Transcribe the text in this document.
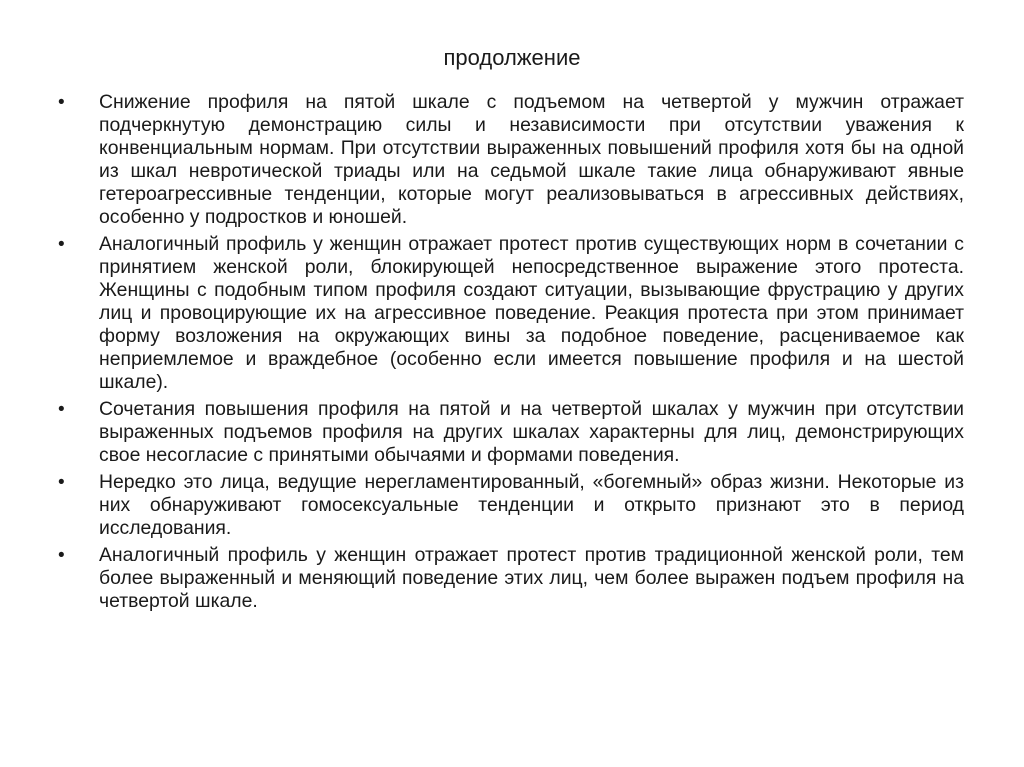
продолжение
•	Снижение профиля на пятой шкале с подъемом на четвертой у мужчин отражает подчеркнутую демонстрацию силы и независимости при отсутствии уважения к конвенциальным нормам. При отсутствии выраженных повышений профиля хотя бы на одной из шкал невротической триады или на седьмой шкале такие лица обнаруживают явные гетероагрессивные тенденции, которые могут реализовываться в агрессивных действиях, особенно у подростков и юношей.
•	Аналогичный профиль у женщин отражает протест против существующих норм в сочетании с принятием женской роли, блокирующей непосредственное выражение этого протеста. Женщины с подобным типом профиля создают ситуации, вызывающие фрустрацию у других лиц и провоцирующие их на агрессивное поведение. Реакция протеста при этом принимает форму возложения на окружающих вины за подобное поведение, расцениваемое как неприемлемое и враждебное (особенно если имеется повышение профиля и на шестой шкале).
•	Сочетания повышения профиля на пятой и на четвертой шкалах у мужчин при отсутствии выраженных подъемов профиля на других шкалах характерны для лиц, демонстрирующих свое несогласие с принятыми обычаями и формами поведения.
•	Нередко это лица, ведущие нерегламентированный, «богемный» образ жизни. Некоторые из них обнаруживают гомосексуальные тенденции и открыто признают это в период исследования.
•	Аналогичный профиль у женщин отражает протест против традиционной женской роли, тем более выраженный и меняющий поведение этих лиц, чем более выражен подъем профиля на четвертой шкале.
